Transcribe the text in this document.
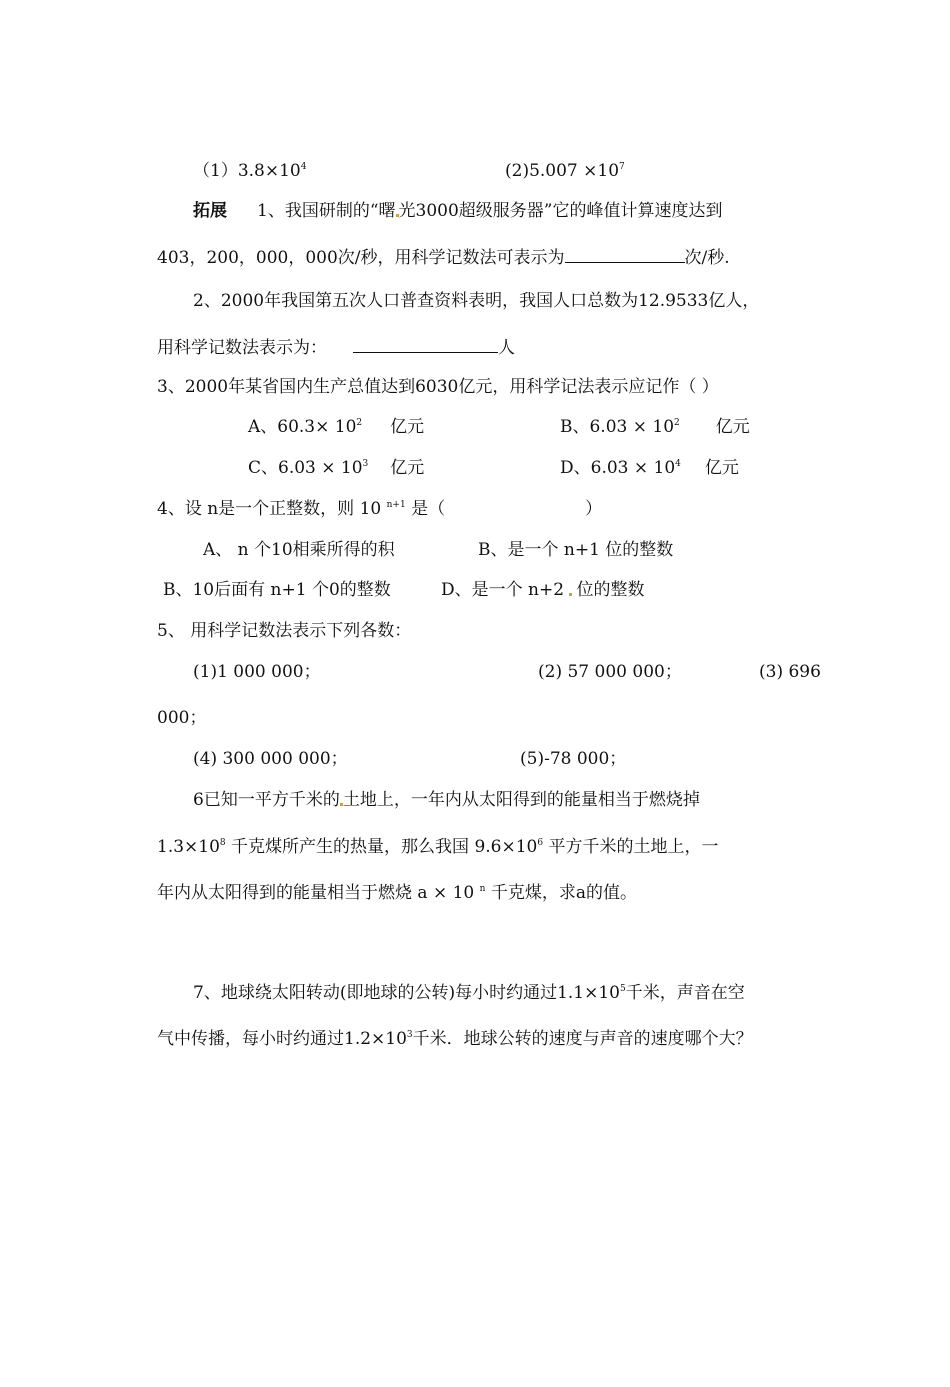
$(1)3.8\times 10^4$	$(2)5.007 \times 10^7$
拓展 1、我国研制的“曙 光3000超级服务器”它的峰值计算速度达到
403，200，000，000次/秒，用科学记数法可表示为	次/秒.
2、2000年我国第五次人口普查资料表明，我国人口总数为12.9533亿人，
用科学记数法表示为：	人
3、2000年某省国内生产总值达到6030亿元，用科学记法表示应记作（ ）
A、$60.3\times 10^2$ 亿元	B、$6.03 \times 10^2$ 亿元
C、$6.03 \times 10^3$ 亿元	D、$6.03 \times 10^4$ 亿元
4、设 n是一个正整数，则 10 $^{n+1}$ 是（	）
A、 n 个10相乘所得的积	B、是一个 n+1 位的整数
B、10后面有 n+1 个0的整数	D、是一个 n+2 位的整数
5、 用科学记数法表示下列各数：
(1)1 000 000；	(2) 57 000 000；	(3) 696
000；
(4) 300 000 000；	(5)-78 000；
6已知一平方千米的 土地上，一年内从太阳得到的能量相当于燃烧掉
$1.3\times 10^8$ 千克煤所产生的热量，那么我国 $9.6\times 10^6$ 平方千米的土地上，一
年内从太阳得到的能量相当于燃烧 a × 10 $^n$ 千克煤，求a的值。
7、地球绕太阳转动(即地球的公转)每小时约通过$1.1\times 10^5$千米，声音在空
气中传播，每小时约通过$1.2\times 10^3$千米．地球公转的速度与声音的速度哪个大？
